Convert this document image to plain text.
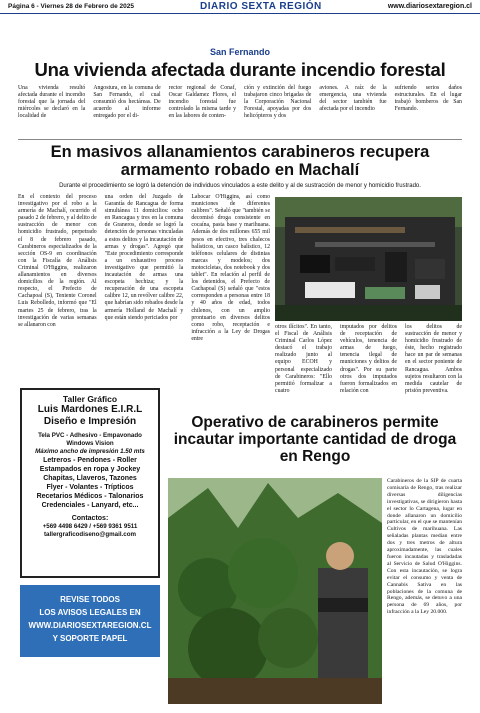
Página 6 - Viernes 28 de Febrero de 2025	DIARIO SEXTA REGIÓN	www.diariosextaregion.cl
San Fernando
Una vivienda afectada durante incendio forestal

Una vivienda resultó afectada durante el incendio forestal que la jornada del miércoles se declaró en la localidad de

Angostura, en la comuna de San Fernando, el cual consumió dos hectáreas. De acuerdo al informe entregado por el di-

rector regional de Conaf, Oscar Galdamez Flores, el incendio forestal fue controlado la misma tarde y en las labores de conten-

ción y extinción del fuego trabajaron cinco brigadas de la Corporación Nacional Forestal, apoyadas por dos helicópteros y dos

aviones. A raíz de la emergencia, una vivienda del sector también fue afectada por el incendio

sufriendo serios daños estructurales. En el lugar trabajó bomberos de San Fernando.

En masivos allanamientos carabineros recupera armamento robado en Machalí
Durante el procedimiento se logró la detención de individuos vinculados a este delito y al de sustracción de menor y homicidio frustrado.

En el contexto del proceso investigativo por el robo a la armería de Machalí, ocurrido el pasado 2 de febrero, y al delito de sustracción de menor con homicidio frustrado, perpetrado el 8 de febrero pasado, Carabineros especializados de la sección OS-9 en coordinación con la Fiscalía de Análisis Criminal O'Higgins, realizaron allanamientos en diversos domicilios de la región. Al respecto, el Prefecto de Cachapoal (S), Teniente Coronel Luis Rebolledo, informó que "El martes 25 de febrero, tras la investigación de varias semanas se allanaron con

una orden del Juzgado de Garantía de Rancagua de forma simultánea 11 domicilios: ocho en Rancagua y tres en la comuna de Graneros, donde se logró la detención de personas vinculadas a estos delitos y la incautación de armas y drogas". Agregó que "Este procedimiento corresponde a un exhaustivo proceso investigativo que permitió la incautación de armas una escopeta hechiza; y la recuperación de una escopeta calibre 12, un revólver calibre 22, que habrían sido robados desde la armería Holland de Machalí y que están siendo periciados por

Labocar O'Higgins, así como municiones de diferentes calibres". Señaló que "también se decomisó droga consistente en cocaína, pasta base y marihuana. Además de dos millones 655 mil pesos en efectivo, tres chalecos balísticos, un casco balístico, 12 teléfonos celulares de distintas marcas y modelos; dos motocicletas, dos notebook y dos tablet". En relación al perfil de los detenidos, el Prefecto de Cachapoal (S) señaló que "estos corresponden a personas entre 18 y 40 años de edad, todos chilenos, con un amplio prontuario en diversos delitos como robo, receptación e infracción a la Ley de Drogas entre

otros ilícitos". En tanto, el Fiscal de Análisis Criminal Carlos López destacó el trabajo realizado junto al equipo ECOH y personal especializado de Carabineros: "Ello permitió formalizar a cuatro

imputados por delitos de receptación de vehículos, tenencia de armas de fuego, tenencia ilegal de municiones y delitos de drogas". Por su parte otros dos imputados fueron formalizados en relación con

los delitos de sustracción de menor y homicidio frustrado de éste, hecho registrado hace un par de semanas en el sector poniente de Rancagua. Ambos sujetos resultaron con la medida cautelar de prisión preventiva.

Taller Gráfico
Luis Mardones E.I.R.L
Diseño e Impresión
Tela PVC - Adhesivo - Empavonado
Windows Vision
Máximo ancho de impresión 1.50 mts
Letreros - Pendones - Roller
Estampados en ropa y Jockey
Chapitas, Llaveros, Tazones
Flyer - Volantes - Trípticos
Recetarios Médicos - Talonarios
Credenciales - Lanyard, etc...
Contactos:
+569 4498 6429 / +569 9361 9511
tallergraficodiseno@gmail.com
REVISE TODOS
LOS AVISOS LEGALES EN
WWW.DIARIOSEXTAREGION.CL
Y SOPORTE PAPEL
Operativo de carabineros permite incautar importante cantidad de droga en Rengo

Carabineros de la SIP de cuarta comisaría de Rengo, tras realizar diversas diligencias investigativas, se dirigieron hasta el sector lo Cartagena, lugar en donde allanaron un domicilio particular, en el que se mantenían Cultivos de marihuana. Las señaladas plantas median entre dos y tres metros de altura aproximadamente, las cuales fueron incautadas y trasladadas al Servicio de Salud O'Higgins. Con esta incautación, se logra evitar el consumo y venta de Cannabis Sativa en las poblaciones de la comuna de Rengo, además, se detuvo a una persona de 69 años, por infracción a la Ley 20.000.
